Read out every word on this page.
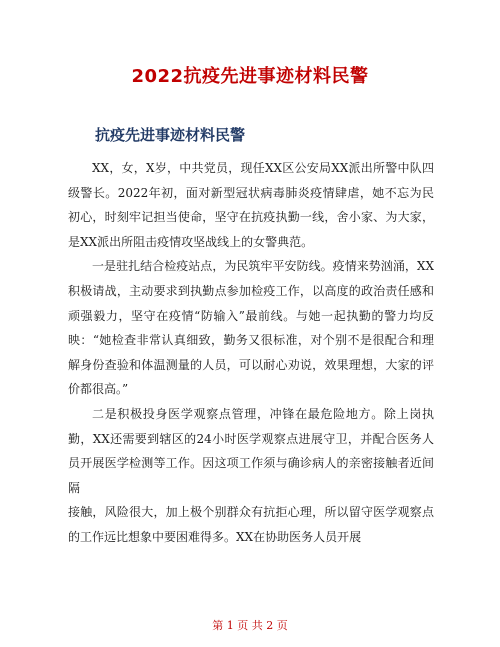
2022抗疫先进事迹材料民警
抗疫先进事迹材料民警

XX，女，X岁，中共党员，现任XX区公安局XX派出所警中队四级警长。2022年初，面对新型冠状病毒肺炎疫情肆虐，她不忘为民初心，时刻牢记担当使命，坚守在抗疫执勤一线，舍小家、为大家，是XX派出所阻击疫情攻坚战线上的女警典范。

一是驻扎结合检疫站点，为民筑牢平安防线。疫情来势汹涌，XX积极请战，主动要求到执勤点参加检疫工作，以高度的政治责任感和顽强毅力，坚守在疫情“防输入”最前线。与她一起执勤的警力均反映：“她检查非常认真细致，勤务又很标准，对个别不是很配合和理解身份查验和体温测量的人员，可以耐心劝说，效果理想，大家的评价都很高。”

二是积极投身医学观察点管理，冲锋在最危险地方。除上岗执勤，XX还需要到辖区的24小时医学观察点进展守卫，并配合医务人员开展医学检测等工作。因这项工作须与确诊病人的亲密接触者近间隔

接触，风险很大，加上极个别群众有抗拒心理，所以留守医学观察点的工作远比想象中要困难得多。XX在协助医务人员开展

第 1 页 共 2 页
